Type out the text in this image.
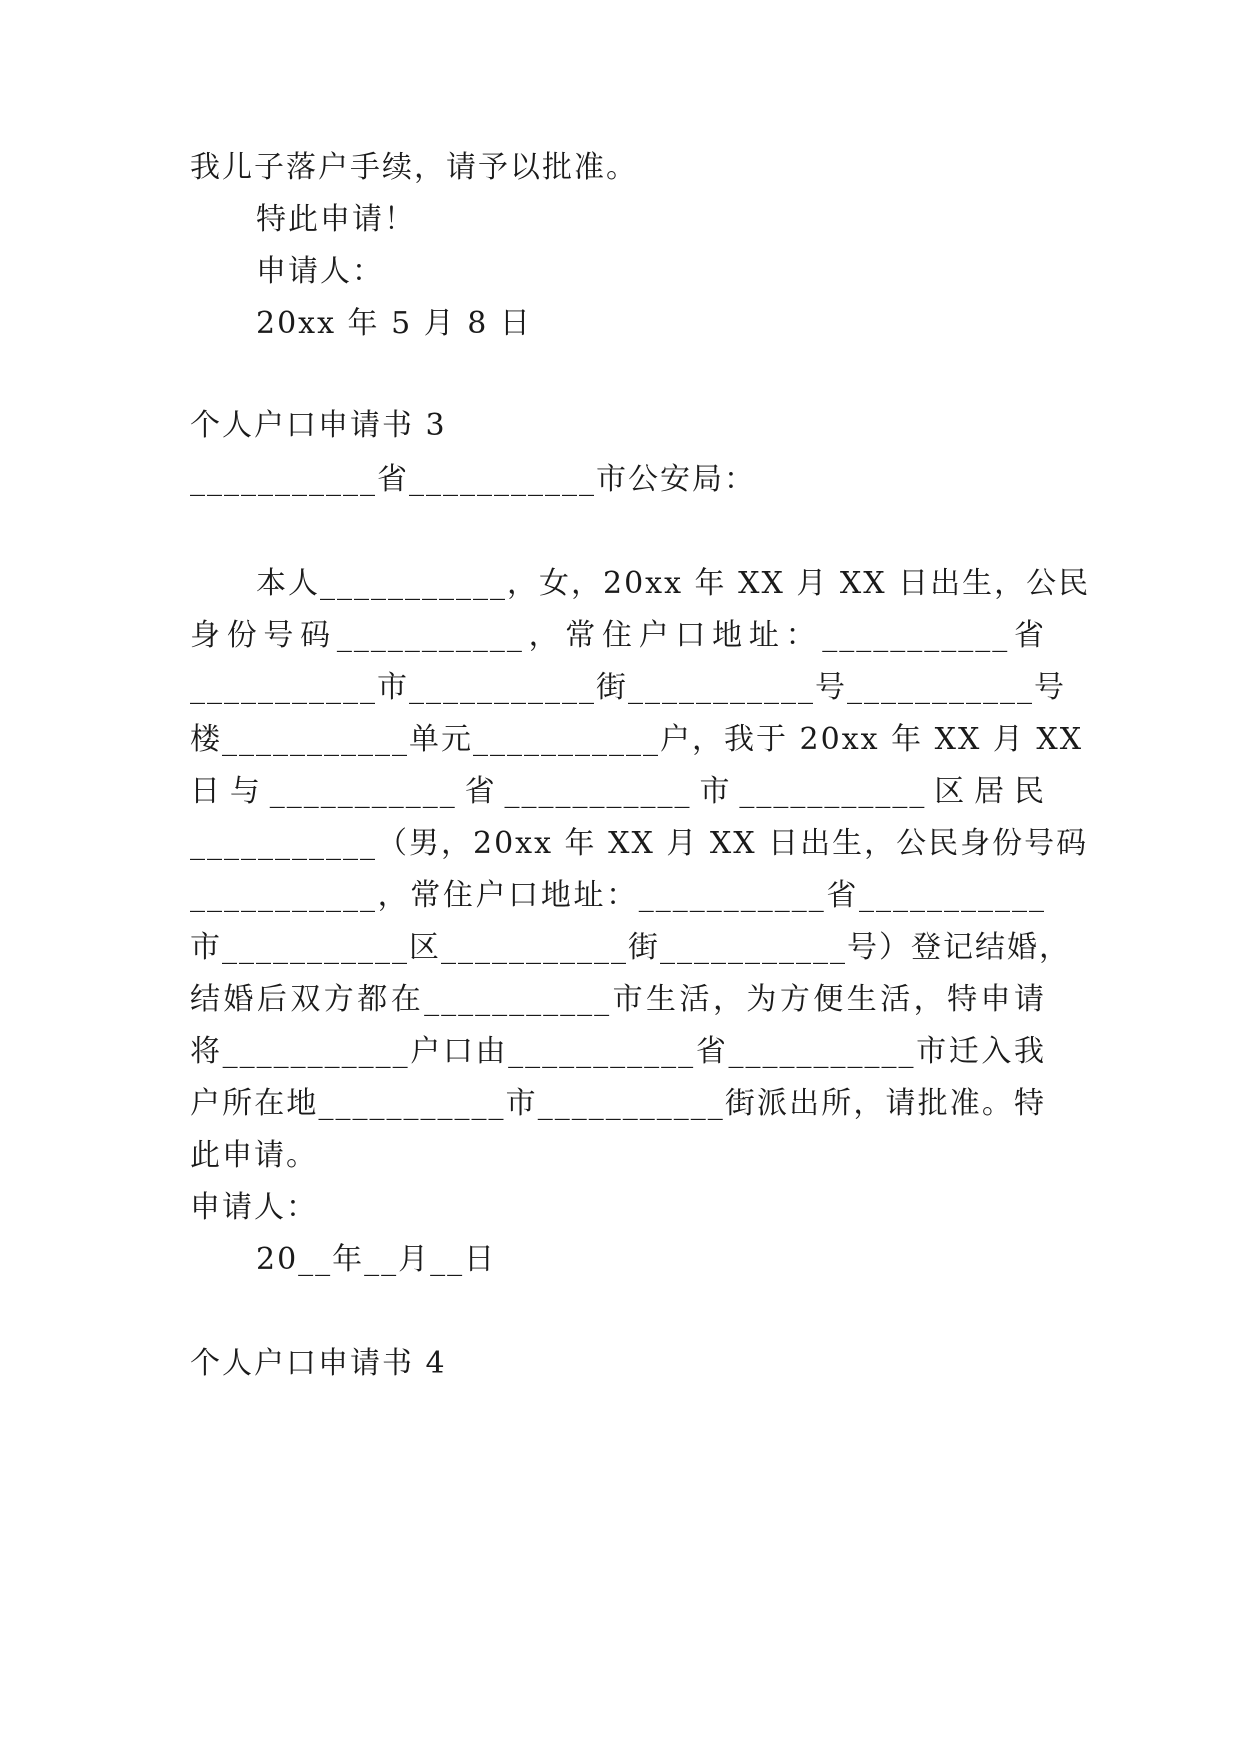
我儿子落户手续，请予以批准。
特此申请！
申请人：
20xx 年 5 月 8 日
个人户口申请书 3
___________省___________市公安局：
本人___________，女，20xx 年 XX 月 XX 日出生，公民
身份号码___________，常住户口地址：___________省
___________市___________街___________号___________号
楼___________单元___________户，我于 20xx 年 XX 月 XX
日与___________省___________市___________区居民
___________（男，20xx 年 XX 月 XX 日出生，公民身份号码
___________，常住户口地址：___________省___________
市___________区___________街___________号）登记结婚，
结婚后双方都在___________市生活，为方便生活，特申请
将___________户口由___________省___________市迁入我
户所在地___________市___________街派出所，请批准。特
此申请。
申请人：
20__年__月__日
个人户口申请书 4
